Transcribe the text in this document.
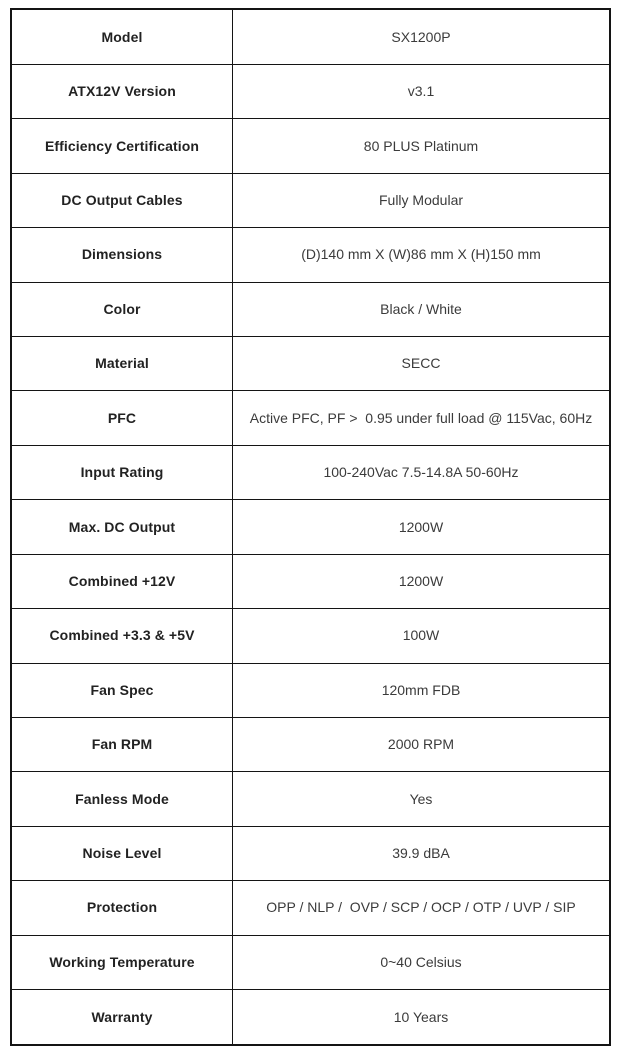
Model	SX1200P
ATX12V Version	v3.1
Efficiency Certification	80 PLUS Platinum
DC Output Cables	Fully Modular
Dimensions	(D)140 mm X (W)86 mm X (H)150 mm
Color	Black / White
Material	SECC
PFC	Active PFC, PF >  0.95 under full load @ 115Vac, 60Hz
Input Rating	100-240Vac 7.5-14.8A 50-60Hz
Max. DC Output	1200W
Combined +12V	1200W
Combined +3.3 & +5V	100W
Fan Spec	120mm FDB
Fan RPM	2000 RPM
Fanless Mode	Yes
Noise Level	39.9 dBA
Protection	OPP / NLP /  OVP / SCP / OCP / OTP / UVP / SIP
Working Temperature	0~40 Celsius
Warranty	10 Years
